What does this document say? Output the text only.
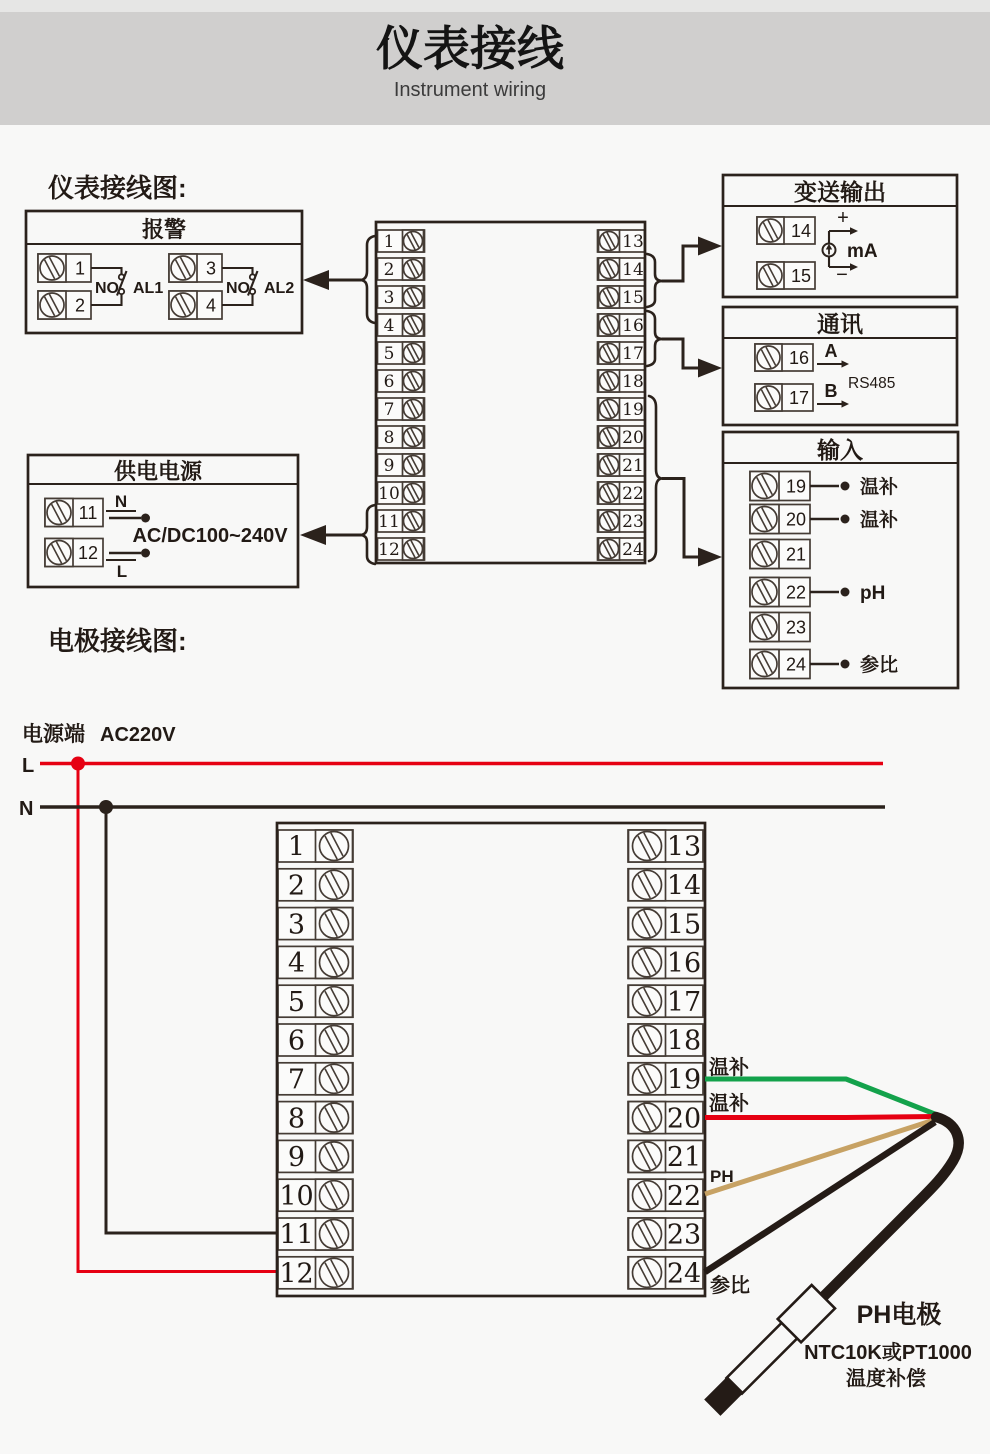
仪表接线
Instrument wiring
1
2
3
4
5
6
7
8
9
10
11
12
13
14
15
16
17
18
19
20
21
22
23
24
1
2
3
4
5
6
7
8
9
10
11
12
13
14
15
16
17
18
19
20
21
22
23
24
1
2
3
4
11
12
14
15
16
17
19
20
21
22
23
24
仪表接线图:
报警
NO AL1	NO AL2
供电电源
N
AC/DC100~240V
L
变送输出
+
−
mA
通讯
A
RS485
B
输入
温补
温补
pH
参比
电极接线图:
电源端 AC220V
L
N
温补
温补
PH
参比
PH电极
NTC10K或PT1000
温度补偿
